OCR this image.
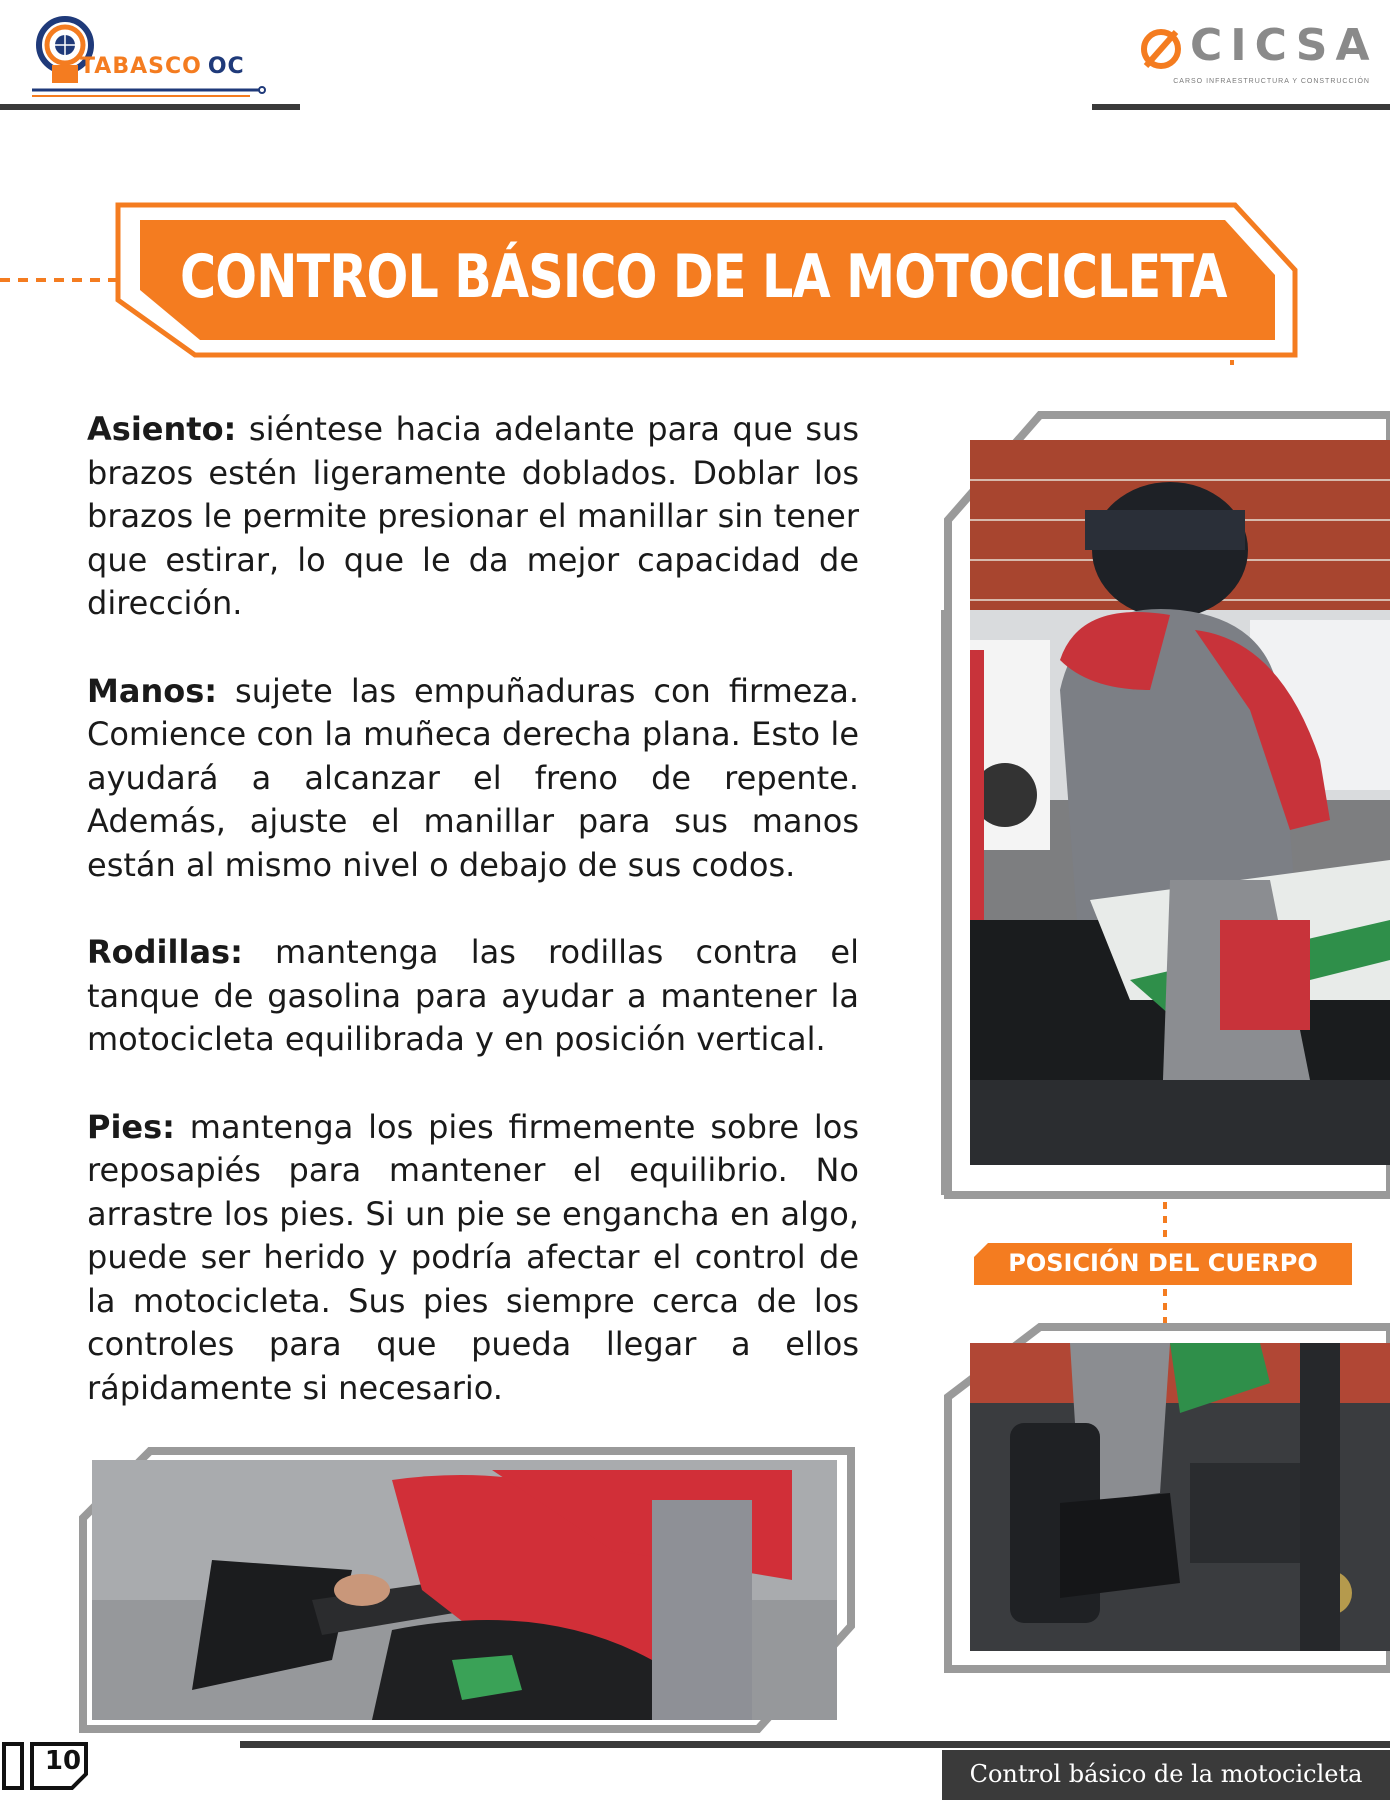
TABASCO OC	CICSA
CARSO INFRAESTRUCTURA Y CONSTRUCCIÓN
CONTROL BÁSICO DE LA MOTOCICLETA

Asiento: siéntese hacia adelante para que sus brazos estén ligeramente doblados. Doblar los brazos le permite presionar el manillar sin tener que estirar, lo que le da mejor capacidad de dirección.

Manos: sujete las empuñaduras con firmeza. Comience con la muñeca derecha plana. Esto le ayudará a alcanzar el freno de repente. Además, ajuste el manillar para sus manos están al mismo nivel o debajo de sus codos.

Rodillas: mantenga las rodillas contra el tanque de gasolina para ayudar a mantener la motocicleta equilibrada y en posición vertical.

Pies: mantenga los pies firmemente sobre los reposapiés para mantener el equilibrio. No arrastre los pies. Si un pie se engancha en algo, puede ser herido y podría afectar el control de la motocicleta. Sus pies siempre cerca de los controles para que pueda llegar a ellos rápidamente si necesario.

POSICIÓN DEL CUERPO
Control básico de la motocicleta
10
